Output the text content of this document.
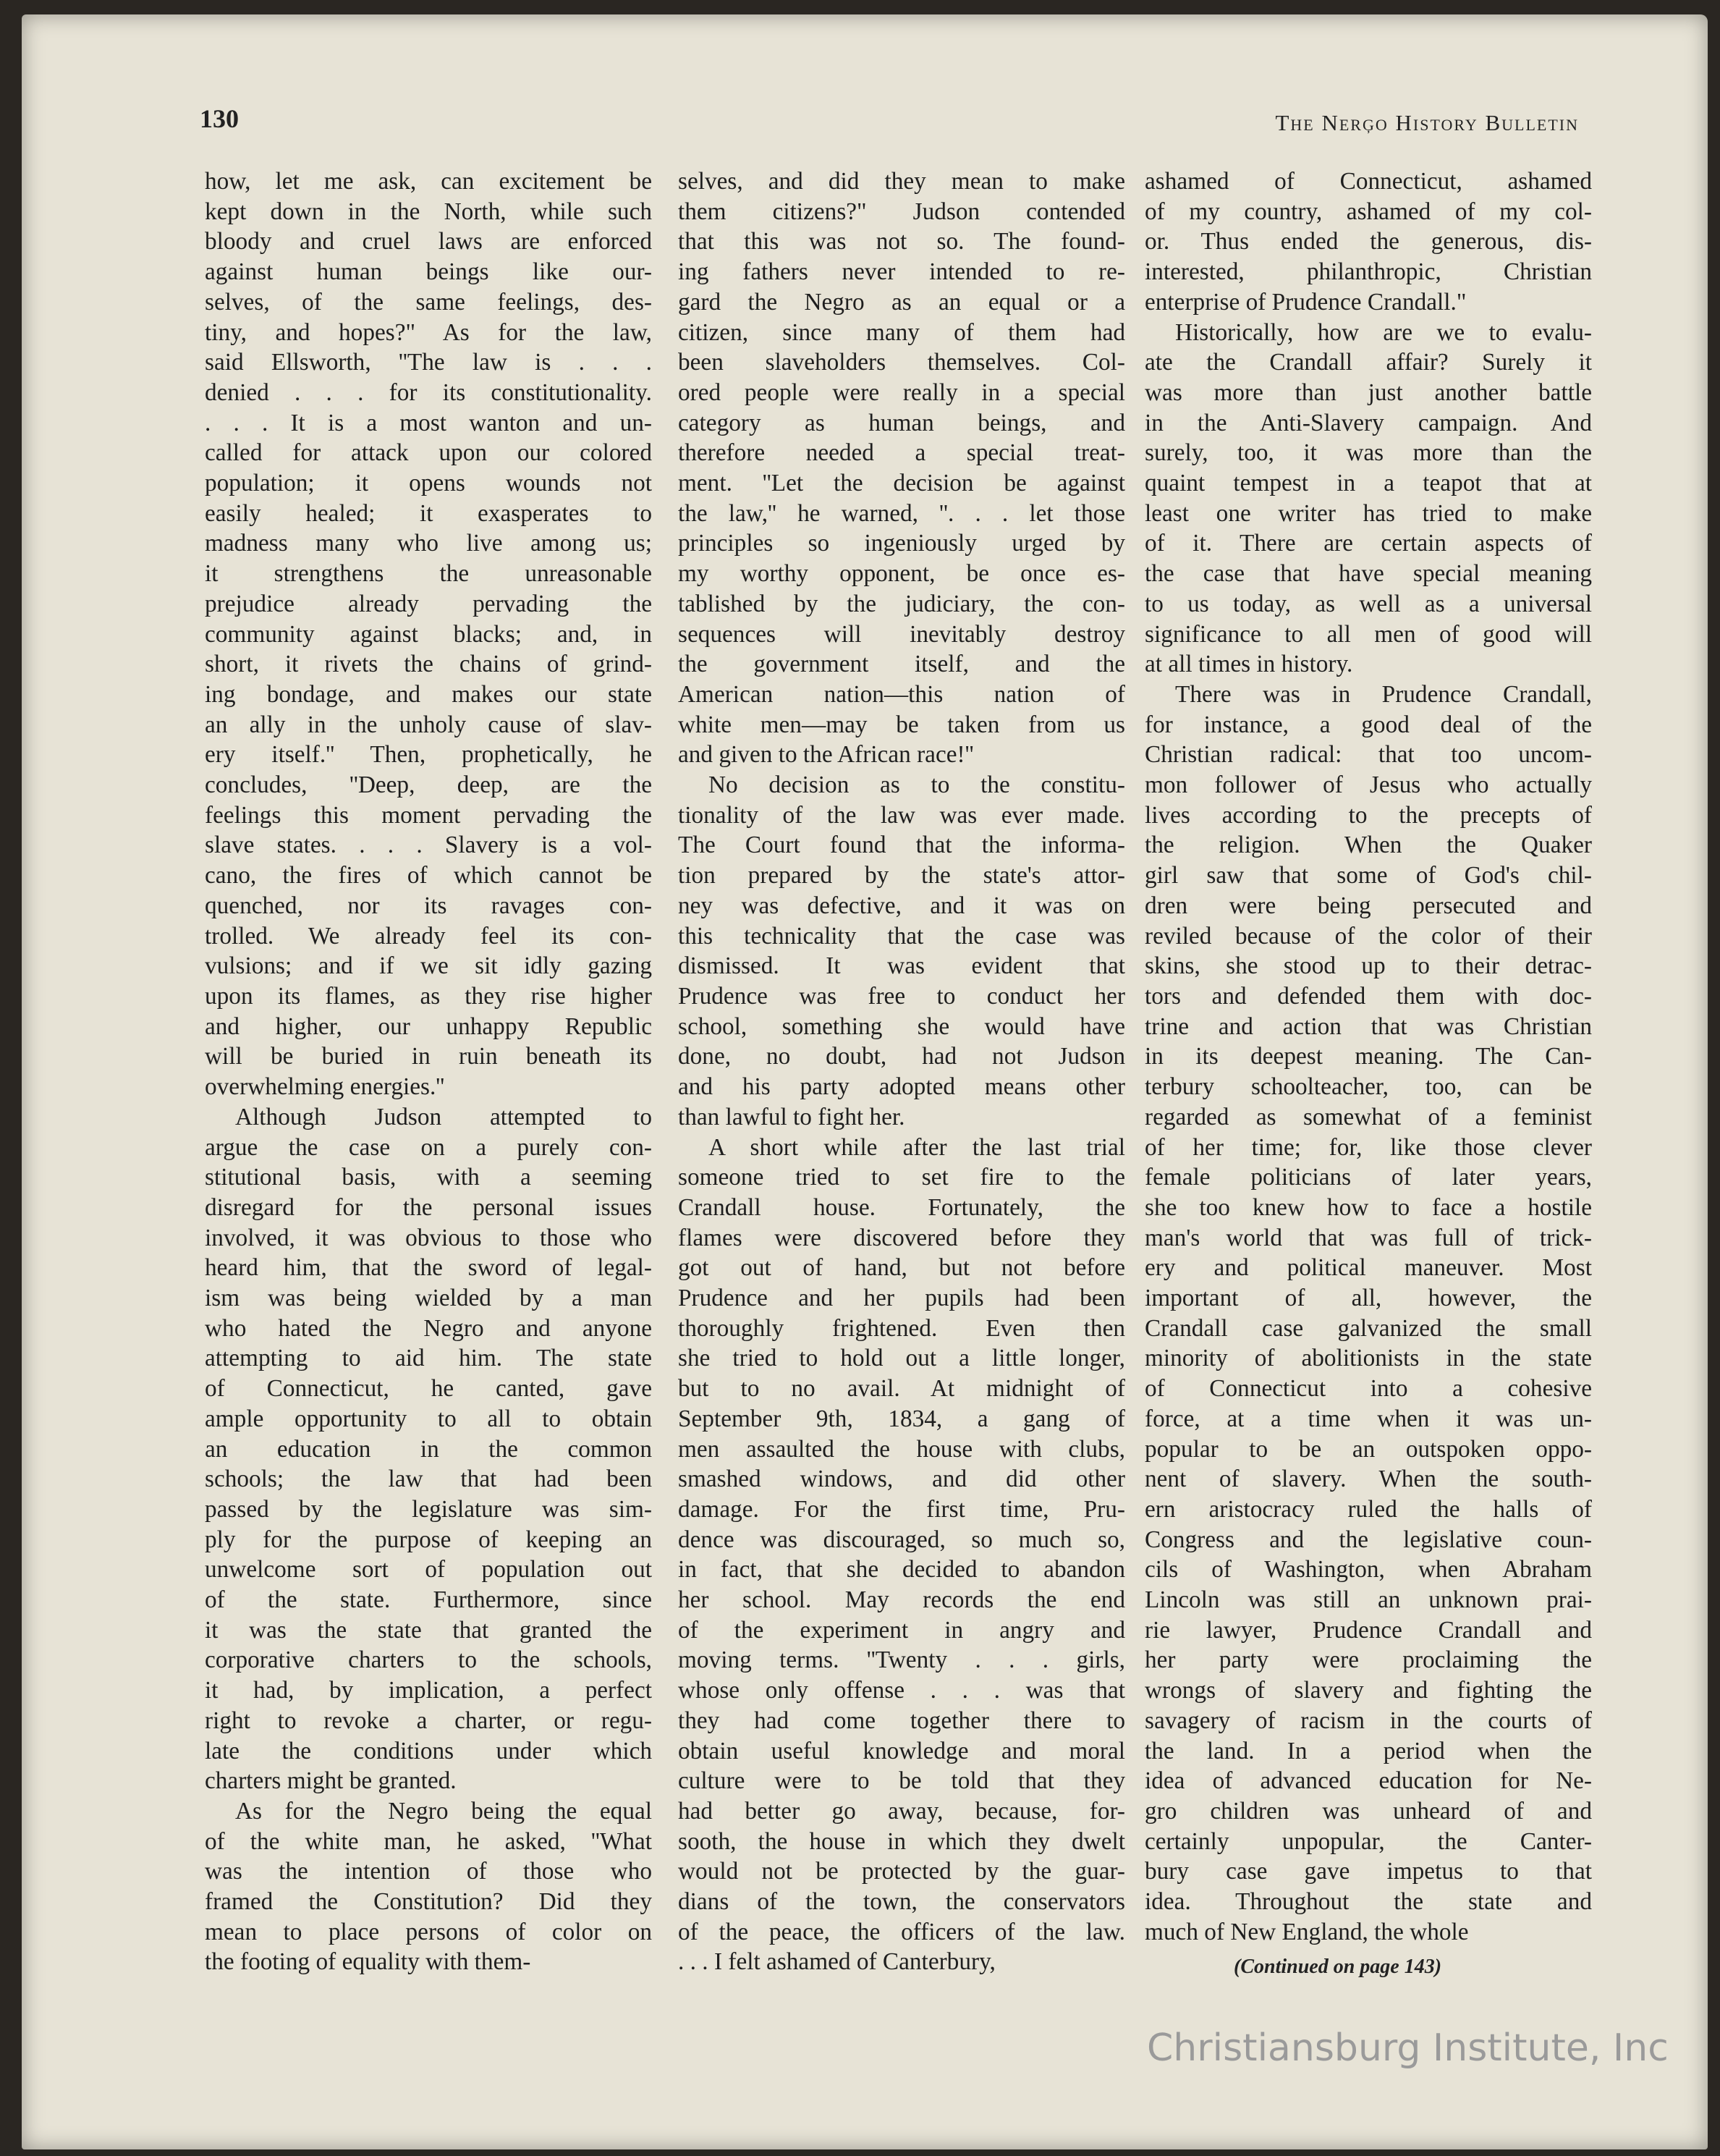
130	The Nerģo History Bulletin

how, let me ask, can excitement be
kept down in the North, while such
bloody and cruel laws are enforced
against human beings like our-
selves, of the same feelings, des-
tiny, and hopes?" As for the law,
said Ellsworth, ''The law is . . .
denied . . . for its constitutionality.
. . . It is a most wanton and un-
called for attack upon our colored
population; it opens wounds not
easily healed; it exasperates to
madness many who live among us;
it strengthens the unreasonable
prejudice already pervading the
community against blacks; and, in
short, it rivets the chains of grind-
ing bondage, and makes our state
an ally in the unholy cause of slav-
ery itself.'' Then, prophetically, he
concludes, ''Deep, deep, are the
feelings this moment pervading the
slave states. . . . Slavery is a vol-
cano, the fires of which cannot be
quenched, nor its ravages con-
trolled. We already feel its con-
vulsions; and if we sit idly gazing
upon its flames, as they rise higher
and higher, our unhappy Republic
will be buried in ruin beneath its
overwhelming energies.''

Although Judson attempted to
argue the case on a purely con-
stitutional basis, with a seeming
disregard for the personal issues
involved, it was obvious to those who
heard him, that the sword of legal-
ism was being wielded by a man
who hated the Negro and anyone
attempting to aid him. The state
of Connecticut, he canted, gave
ample opportunity to all to obtain
an education in the common
schools; the law that had been
passed by the legislature was sim-
ply for the purpose of keeping an
unwelcome sort of population out
of the state. Furthermore, since
it was the state that granted the
corporative charters to the schools,
it had, by implication, a perfect
right to revoke a charter, or regu-
late the conditions under which
charters might be granted.

As for the Negro being the equal
of the white man, he asked, ''What
was the intention of those who
framed the Constitution? Did they
mean to place persons of color on
the footing of equality with them-

selves, and did they mean to make
them citizens?" Judson contended
that this was not so. The found-
ing fathers never intended to re-
gard the Negro as an equal or a
citizen, since many of them had
been slaveholders themselves. Col-
ored people were really in a special
category as human beings, and
therefore needed a special treat-
ment. ''Let the decision be against
the law,'' he warned, ''. . . let those
principles so ingeniously urged by
my worthy opponent, be once es-
tablished by the judiciary, the con-
sequences will inevitably destroy
the government itself, and the
American nation—this nation of
white men—may be taken from us
and given to the African race!''

No decision as to the constitu-
tionality of the law was ever made.
The Court found that the informa-
tion prepared by the state's attor-
ney was defective, and it was on
this technicality that the case was
dismissed. It was evident that
Prudence was free to conduct her
school, something she would have
done, no doubt, had not Judson
and his party adopted means other
than lawful to fight her.

A short while after the last trial
someone tried to set fire to the
Crandall house. Fortunately, the
flames were discovered before they
got out of hand, but not before
Prudence and her pupils had been
thoroughly frightened. Even then
she tried to hold out a little longer,
but to no avail. At midnight of
September 9th, 1834, a gang of
men assaulted the house with clubs,
smashed windows, and did other
damage. For the first time, Pru-
dence was discouraged, so much so,
in fact, that she decided to abandon
her school. May records the end
of the experiment in angry and
moving terms. ''Twenty . . . girls,
whose only offense . . . was that
they had come together there to
obtain useful knowledge and moral
culture were to be told that they
had better go away, because, for-
sooth, the house in which they dwelt
would not be protected by the guar-
dians of the town, the conservators
of the peace, the officers of the law.
. . . I felt ashamed of Canterbury,

ashamed of Connecticut, ashamed
of my country, ashamed of my col-
or. Thus ended the generous, dis-
interested, philanthropic, Christian
enterprise of Prudence Crandall."

Historically, how are we to evalu-
ate the Crandall affair? Surely it
was more than just another battle
in the Anti-Slavery campaign. And
surely, too, it was more than the
quaint tempest in a teapot that at
least one writer has tried to make
of it. There are certain aspects of
the case that have special meaning
to us today, as well as a universal
significance to all men of good will
at all times in history.

There was in Prudence Crandall,
for instance, a good deal of the
Christian radical: that too uncom-
mon follower of Jesus who actually
lives according to the precepts of
the religion. When the Quaker
girl saw that some of God's chil-
dren were being persecuted and
reviled because of the color of their
skins, she stood up to their detrac-
tors and defended them with doc-
trine and action that was Christian
in its deepest meaning. The Can-
terbury schoolteacher, too, can be
regarded as somewhat of a feminist
of her time; for, like those clever
female politicians of later years,
she too knew how to face a hostile
man's world that was full of trick-
ery and political maneuver. Most
important of all, however, the
Crandall case galvanized the small
minority of abolitionists in the state
of Connecticut into a cohesive
force, at a time when it was un-
popular to be an outspoken oppo-
nent of slavery. When the south-
ern aristocracy ruled the halls of
Congress and the legislative coun-
cils of Washington, when Abraham
Lincoln was still an unknown prai-
rie lawyer, Prudence Crandall and
her party were proclaiming the
wrongs of slavery and fighting the
savagery of racism in the courts of
the land. In a period when the
idea of advanced education for Ne-
gro children was unheard of and
certainly unpopular, the Canter-
bury case gave impetus to that
idea. Throughout the state and
much of New England, the whole

(Continued on page 143)
Christiansburg Institute, Inc
